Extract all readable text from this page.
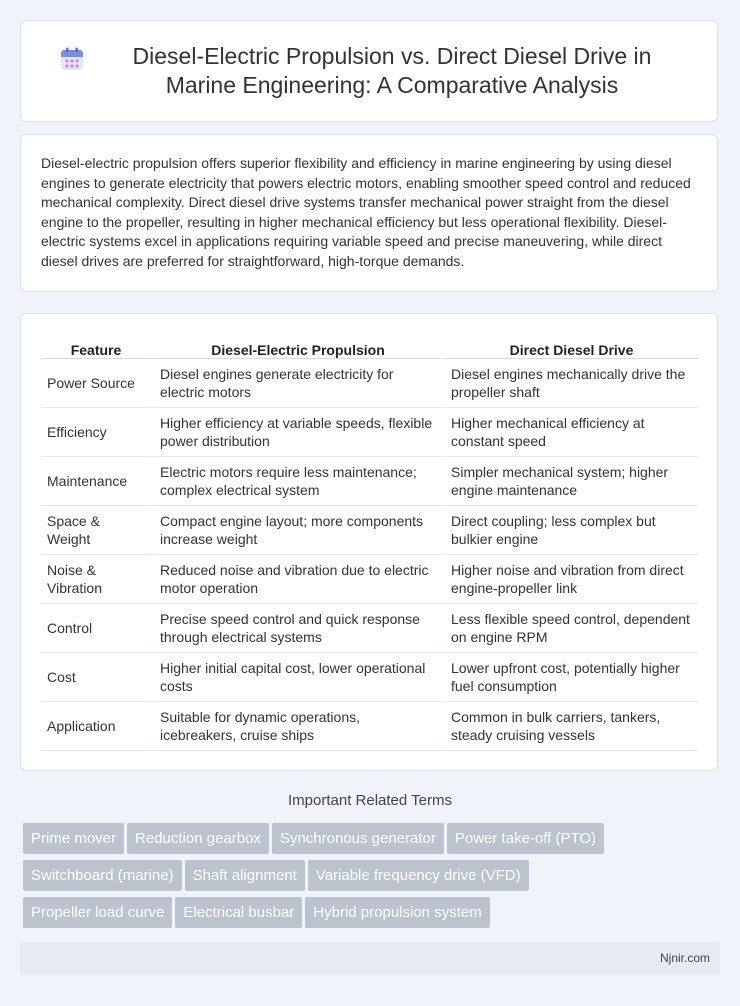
Diesel-Electric Propulsion vs. Direct Diesel Drive in Marine Engineering: A Comparative Analysis

Diesel-electric propulsion offers superior flexibility and efficiency in marine engineering by using diesel engines to generate electricity that powers electric motors, enabling smoother speed control and reduced mechanical complexity. Direct diesel drive systems transfer mechanical power straight from the diesel engine to the propeller, resulting in higher mechanical efficiency but less operational flexibility. Diesel-electric systems excel in applications requiring variable speed and precise maneuvering, while direct diesel drives are preferred for straightforward, high-torque demands.

Feature	Diesel-Electric Propulsion	Direct Diesel Drive
Power Source	Diesel engines generate electricity for electric motors	Diesel engines mechanically drive the propeller shaft
Efficiency	Higher efficiency at variable speeds, flexible power distribution	Higher mechanical efficiency at constant speed
Maintenance	Electric motors require less maintenance; complex electrical system	Simpler mechanical system; higher engine maintenance
Space & Weight	Compact engine layout; more components increase weight	Direct coupling; less complex but bulkier engine
Noise & Vibration	Reduced noise and vibration due to electric motor operation	Higher noise and vibration from direct engine-propeller link
Control	Precise speed control and quick response through electrical systems	Less flexible speed control, dependent on engine RPM
Cost	Higher initial capital cost, lower operational costs	Lower upfront cost, potentially higher fuel consumption
Application	Suitable for dynamic operations, icebreakers, cruise ships	Common in bulk carriers, tankers, steady cruising vessels
Important Related Terms
Prime mover Reduction gearbox Synchronous generator Power take-off (PTO)
Switchboard (marine) Shaft alignment Variable frequency drive (VFD)
Propeller load curve Electrical busbar Hybrid propulsion system
Njnir.com
